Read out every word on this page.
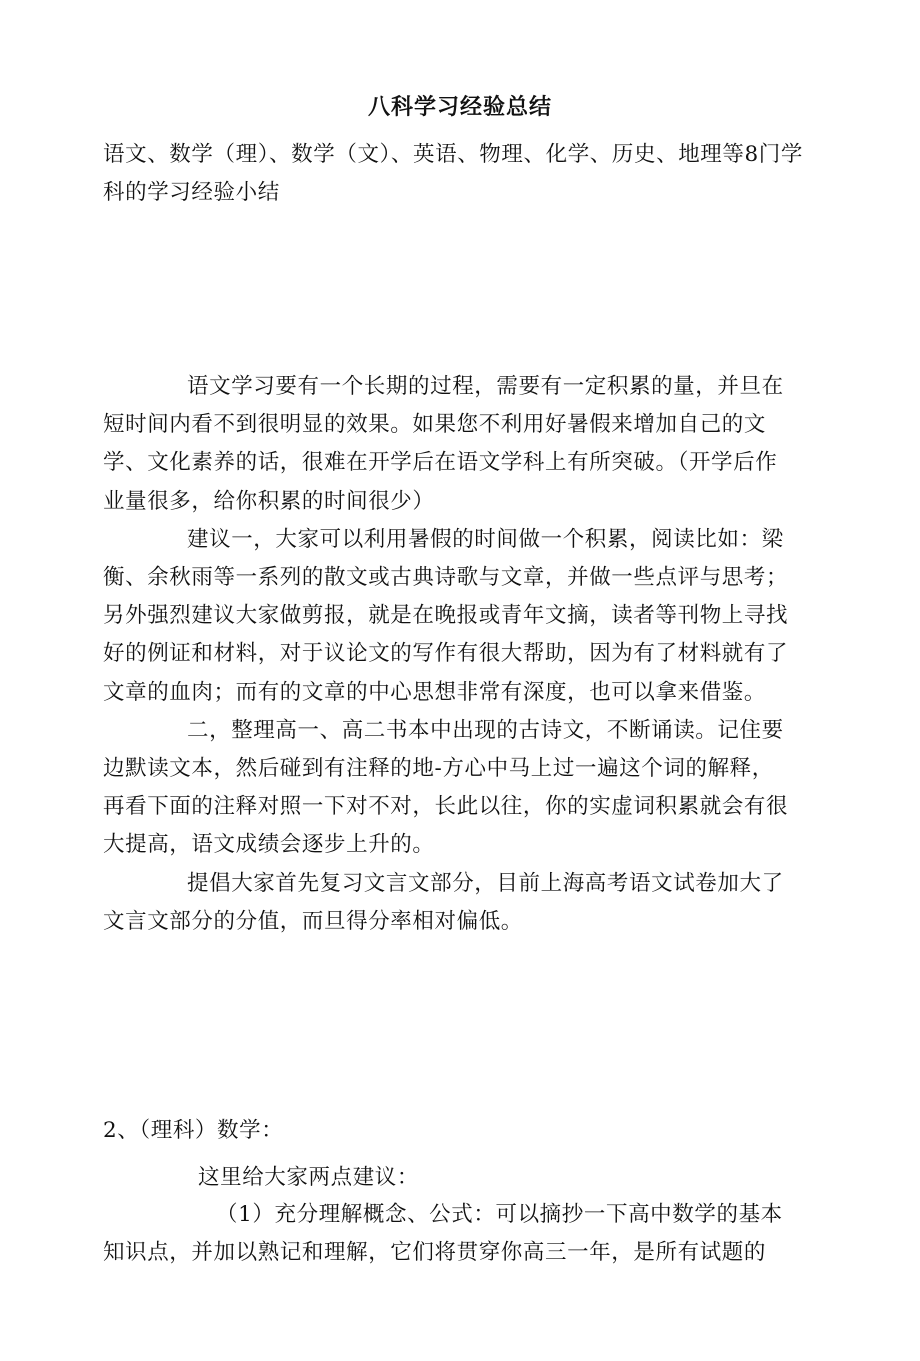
八科学习经验总结
语文、数学（理）、数学（文）、英语、物理、化学、历史、地理等8门学科的学习经验小结

语文学习要有一个长期的过程，需要有一定积累的量，并旦在短时间内看不到很明显的效果。如果您不利用好暑假来增加自己的文学、文化素养的话，很难在开学后在语文学科上有所突破。（开学后作业量很多，给你积累的时间很少）

建议一，大家可以利用暑假的时间做一个积累，阅读比如：梁衡、余秋雨等一系列的散文或古典诗歌与文章，并做一些点评与思考；另外强烈建议大家做剪报，就是在晚报或青年文摘，读者等刊物上寻找好的例证和材料，对于议论文的写作有很大帮助，因为有了材料就有了文章的血肉；而有的文章的中心思想非常有深度，也可以拿来借鉴。

二，整理高一、高二书本中出现的古诗文，不断诵读。记住要边默读文本，然后碰到有注释的地-方心中马上过一遍这个词的解释，再看下面的注释对照一下对不对，长此以往，你的实虚词积累就会有很大提高，语文成绩会逐步上升的。

提倡大家首先复习文言文部分，目前上海高考语文试卷加大了文言文部分的分值，而旦得分率相对偏低。

2、（理科）数学：
这里给大家两点建议：

（1）充分理解概念、公式：可以摘抄一下高中数学的基本知识点，并加以熟记和理解，它们将贯穿你高三一年，是所有试题的
